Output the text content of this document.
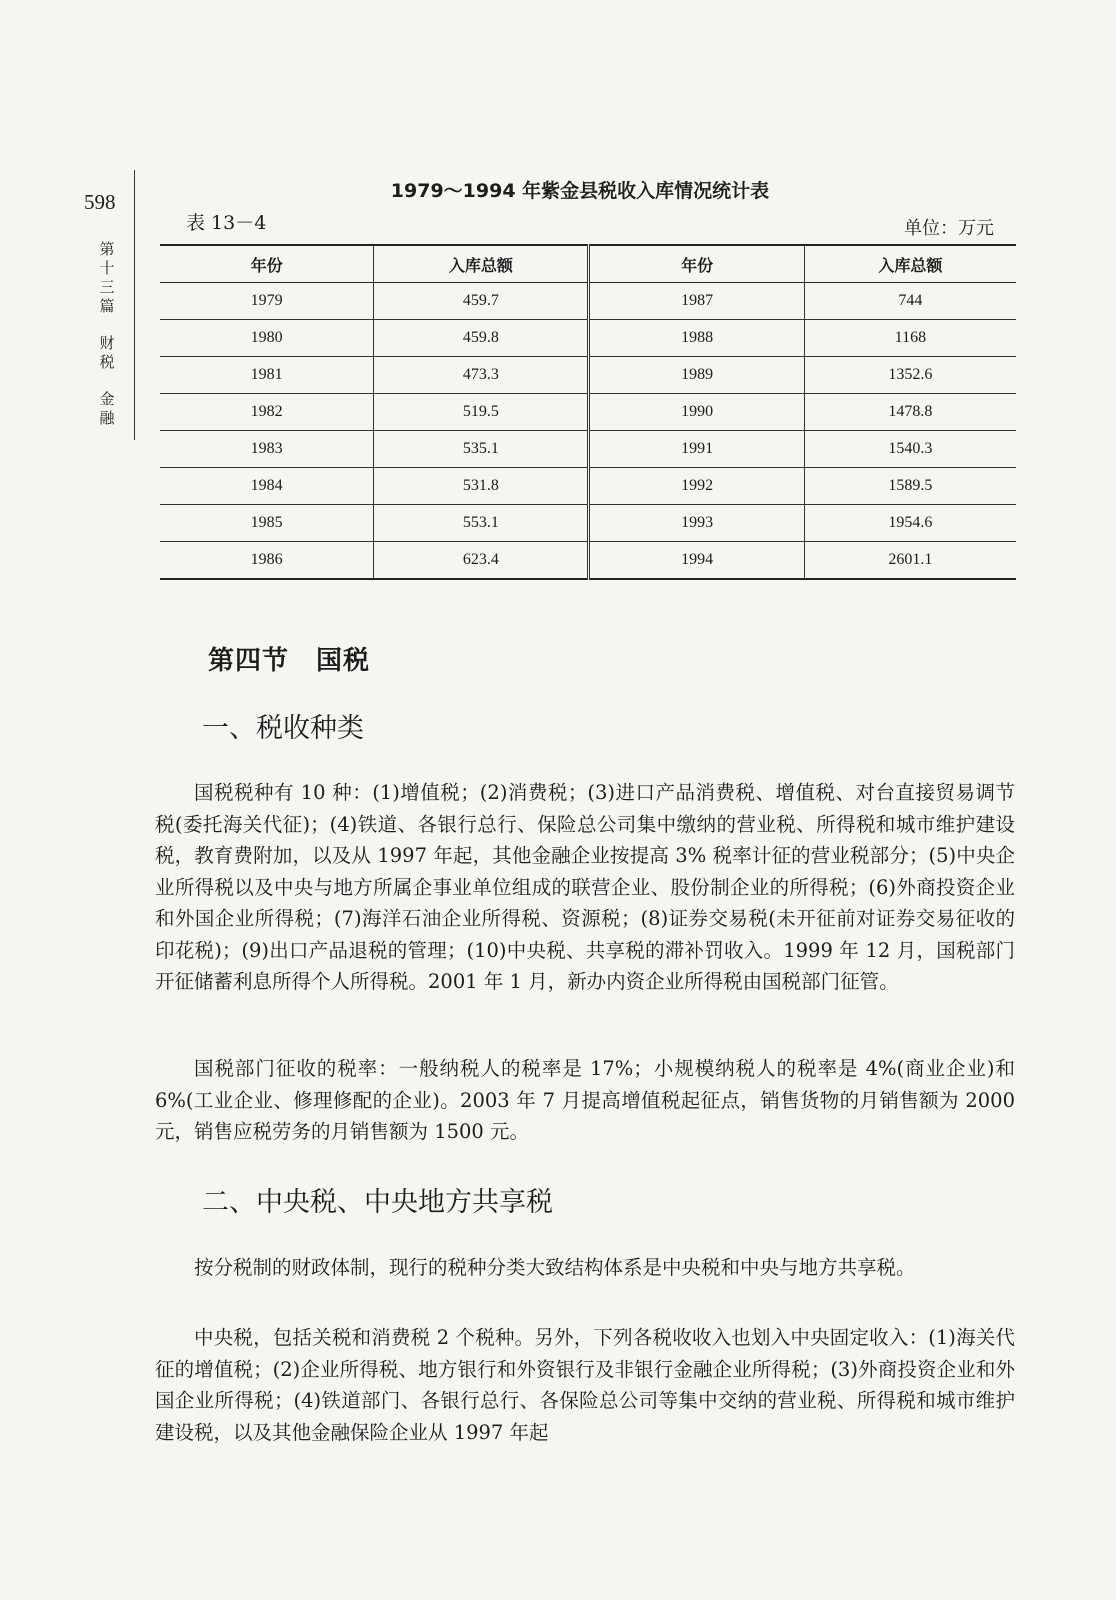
598
第
十
三
篇
财
税
金
融
1979～1994 年紫金县税收入库情况统计表
表 13－4	单位：万元
年份	入库总额	年份	入库总额
1979	459.7	1987	744
1980	459.8	1988	1168
1981	473.3	1989	1352.6
1982	519.5	1990	1478.8
1983	535.1	1991	1540.3
1984	531.8	1992	1589.5
1985	553.1	1993	1954.6
1986	623.4	1994	2601.1
第四节　国税
一、税收种类

国税税种有 10 种：(1)增值税；(2)消费税；(3)进口产品消费税、增值税、对台直接贸易调节税(委托海关代征)；(4)铁道、各银行总行、保险总公司集中缴纳的营业税、所得税和城市维护建设税，教育费附加，以及从 1997 年起，其他金融企业按提高 3% 税率计征的营业税部分；(5)中央企业所得税以及中央与地方所属企事业单位组成的联营企业、股份制企业的所得税；(6)外商投资企业和外国企业所得税；(7)海洋石油企业所得税、资源税；(8)证券交易税(未开征前对证券交易征收的印花税)；(9)出口产品退税的管理；(10)中央税、共享税的滞补罚收入。1999 年 12 月，国税部门开征储蓄利息所得个人所得税。2001 年 1 月，新办内资企业所得税由国税部门征管。

国税部门征收的税率：一般纳税人的税率是 17%；小规模纳税人的税率是 4%(商业企业)和 6%(工业企业、修理修配的企业)。2003 年 7 月提高增值税起征点，销售货物的月销售额为 2000 元，销售应税劳务的月销售额为 1500 元。

二、中央税、中央地方共享税

按分税制的财政体制，现行的税种分类大致结构体系是中央税和中央与地方共享税。

中央税，包括关税和消费税 2 个税种。另外，下列各税收收入也划入中央固定收入：(1)海关代征的增值税；(2)企业所得税、地方银行和外资银行及非银行金融企业所得税；(3)外商投资企业和外国企业所得税；(4)铁道部门、各银行总行、各保险总公司等集中交纳的营业税、所得税和城市维护建设税，以及其他金融保险企业从 1997 年起
